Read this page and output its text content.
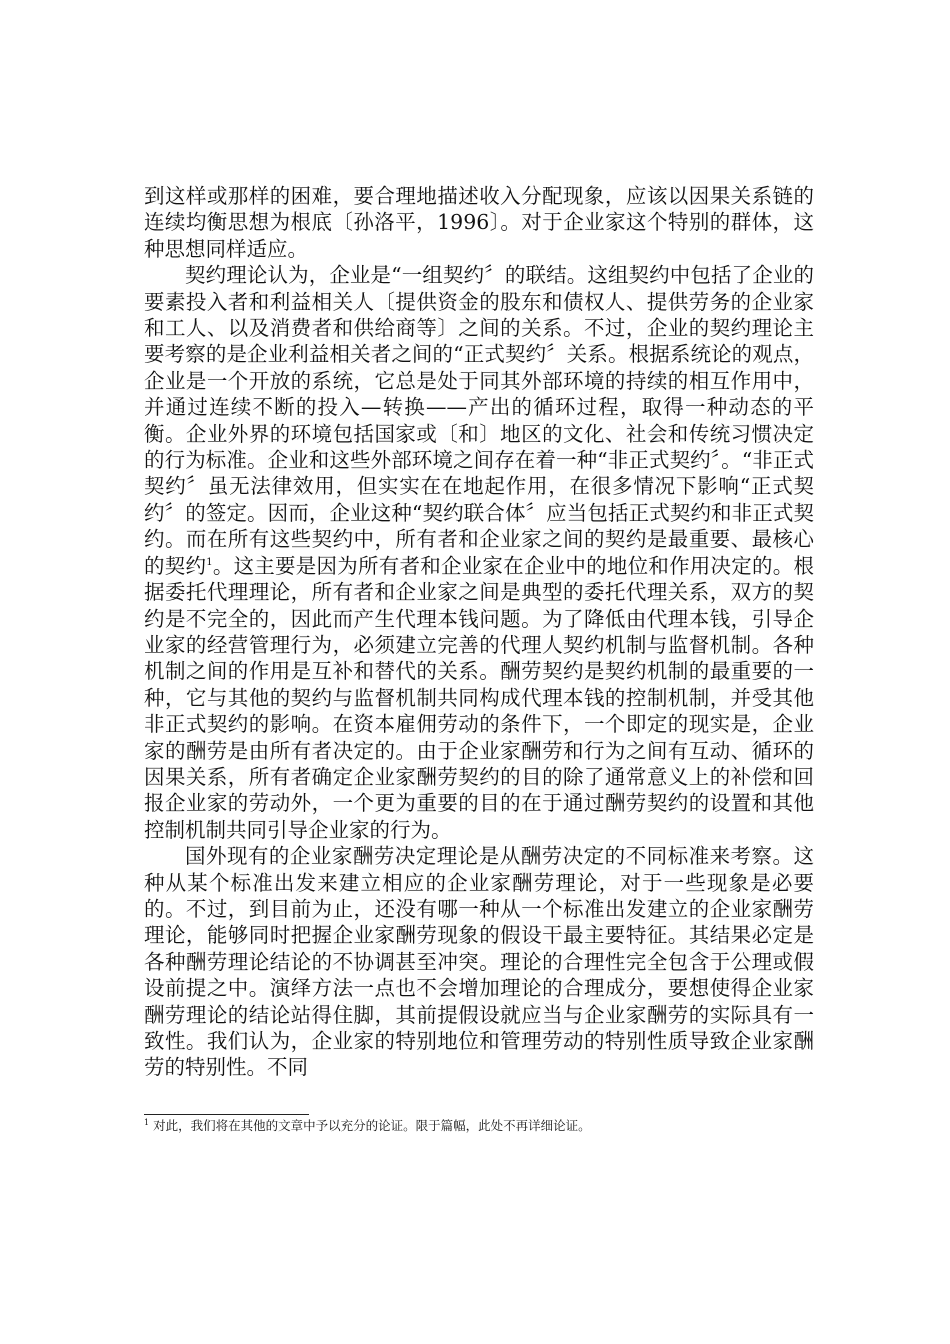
到这样或那样的困难，要合理地描述收入分配现象，应该以因果关系链的连续均衡思想为根底〔孙洛平，1996〕。对于企业家这个特别的群体，这种思想同样适应。

契约理论认为，企业是“一组契约〞的联结。这组契约中包括了企业的要素投入者和利益相关人〔提供资金的股东和债权人、提供劳务的企业家和工人、以及消费者和供给商等〕之间的关系。不过，企业的契约理论主要考察的是企业利益相关者之间的“正式契约〞关系。根据系统论的观点，企业是一个开放的系统，它总是处于同其外部环境的持续的相互作用中，并通过连续不断的投入—转换——产出的循环过程，取得一种动态的平衡。企业外界的环境包括国家或〔和〕地区的文化、社会和传统习惯决定的行为标准。企业和这些外部环境之间存在着一种“非正式契约〞。“非正式契约〞虽无法律效用，但实实在在地起作用，在很多情况下影响“正式契约〞的签定。因而，企业这种“契约联合体〞应当包括正式契约和非正式契约。而在所有这些契约中，所有者和企业家之间的契约是最重要、最核心的契约$^1$。这主要是因为所有者和企业家在企业中的地位和作用决定的。根据委托代理理论，所有者和企业家之间是典型的委托代理关系，双方的契约是不完全的，因此而产生代理本钱问题。为了降低由代理本钱，引导企业家的经营管理行为，必须建立完善的代理人契约机制与监督机制。各种机制之间的作用是互补和替代的关系。酬劳契约是契约机制的最重要的一种，它与其他的契约与监督机制共同构成代理本钱的控制机制，并受其他非正式契约的影响。在资本雇佣劳动的条件下，一个即定的现实是，企业家的酬劳是由所有者决定的。由于企业家酬劳和行为之间有互动、循环的因果关系，所有者确定企业家酬劳契约的目的除了通常意义上的补偿和回报企业家的劳动外，一个更为重要的目的在于通过酬劳契约的设置和其他控制机制共同引导企业家的行为。

国外现有的企业家酬劳决定理论是从酬劳决定的不同标准来考察。这种从某个标准出发来建立相应的企业家酬劳理论，对于一些现象是必要的。不过，到目前为止，还没有哪一种从一个标准出发建立的企业家酬劳理论，能够同时把握企业家酬劳现象的假设干最主要特征。其结果必定是各种酬劳理论结论的不协调甚至冲突。理论的合理性完全包含于公理或假设前提之中。演绎方法一点也不会增加理论的合理成分，要想使得企业家酬劳理论的结论站得住脚，其前提假设就应当与企业家酬劳的实际具有一致性。我们认为，企业家的特别地位和管理劳动的特别性质导致企业家酬劳的特别性。不同

$^1$ 对此，我们将在其他的文章中予以充分的论证。限于篇幅，此处不再详细论证。
